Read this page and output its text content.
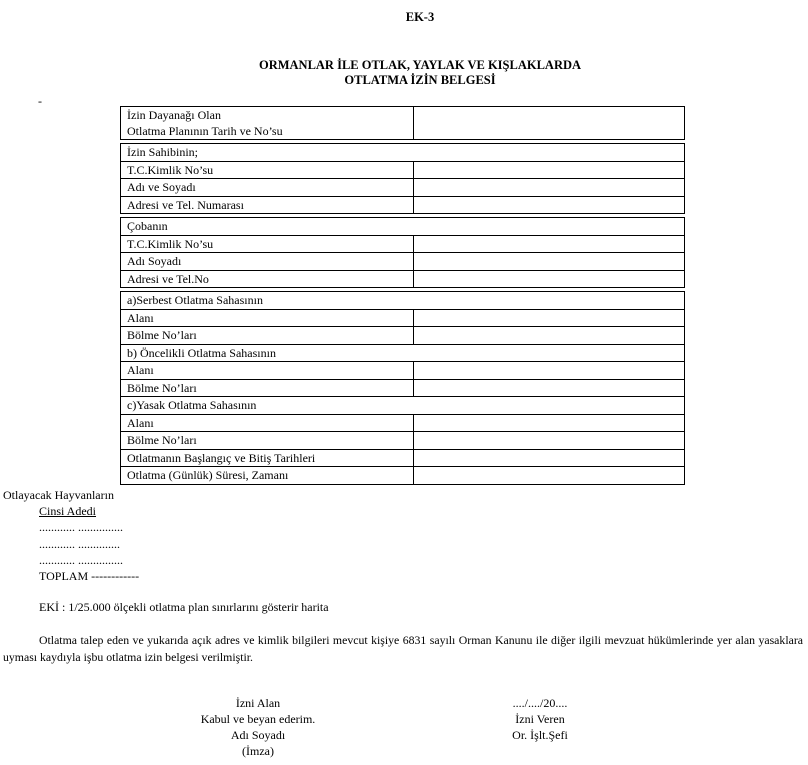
EK-3
ORMANLAR İLE OTLAK, YAYLAK VE KIŞLAKLARDA
OTLATMA İZİN BELGESİ
-
İzin Dayanağı Olan
Otlatma Planının Tarih ve No’su
İzin Sahibinin;
T.C.Kimlik No’su
Adı ve Soyadı
Adresi ve Tel. Numarası
Çobanın
T.C.Kimlik No’su
Adı Soyadı
Adresi ve Tel.No
a)Serbest Otlatma Sahasının
Alanı
Bölme No’ları
b) Öncelikli Otlatma Sahasının
Alanı
Bölme No’ları
c)Yasak Otlatma Sahasının
Alanı
Bölme No’ları
Otlatmanın Başlangıç ve Bitiş Tarihleri
Otlatma (Günlük) Süresi, Zamanı
Otlayacak Hayvanların
Cinsi Adedi
............ ...............
............ ..............
............ ...............
TOPLAM ------------
EKİ : 1/25.000 ölçekli otlatma plan sınırlarını gösterir harita
Otlatma talep eden ve yukarıda açık adres ve kimlik bilgileri mevcut kişiye 6831 sayılı Orman Kanunu ile diğer ilgili mevzuat hükümlerinde yer alan yasaklara uyması kaydıyla işbu otlatma izin belgesi verilmiştir.
İzni Alan
Kabul ve beyan ederim.
Adı Soyadı
(İmza)
..../..../20....
İzni Veren
Or. İşlt.Şefi
